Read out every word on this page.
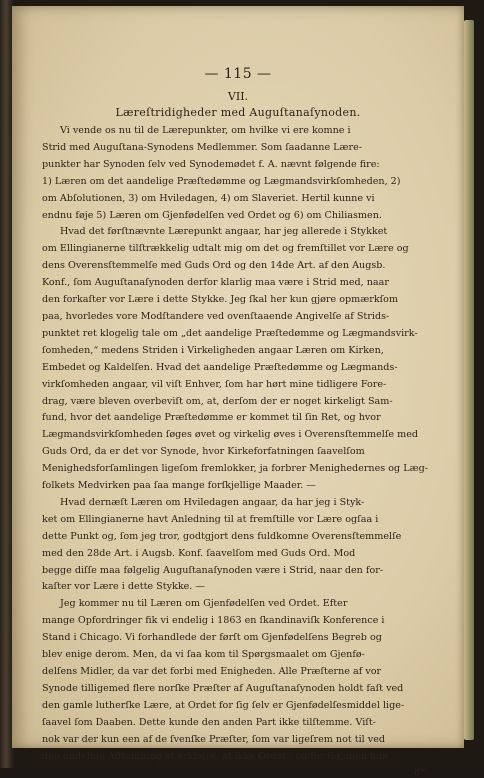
— 115 —
VII.
Læreſtridigheder med Auguſtanaſynoden.
Vi vende os nu til de Lærepunkter, om hvilke vi ere komne i
Strid med Auguſtana-Synodens Medlemmer. Som ſaadanne Lære-
punkter har Synoden ſelv ved Synodemødet f. A. nævnt følgende fire:
1) Læren om det aandelige Præſtedømme og Lægmandsvirkſomheden, 2)
om Abſolutionen, 3) om Hviledagen, 4) om Slaveriet. Hertil kunne vi
endnu føje 5) Læren om Gjenfødelſen ved Ordet og 6) om Chiliasmen.
Hvad det førſtnævnte Lærepunkt angaar, har jeg allerede i Stykket
om Ellingianerne tilſtrækkelig udtalt mig om det og fremſtillet vor Lære og
dens Overensſtemmelſe med Guds Ord og den 14de Art. af den Augsb.
Konf., ſom Auguſtanaſynoden derfor klarlig maa være i Strid med, naar
den forkaſter vor Lære i dette Stykke. Jeg ſkal her kun gjøre opmærkſom
paa, hvorledes vore Modſtandere ved ovenſtaaende Angivelſe af Strids-
punktet ret klogelig tale om „det aandelige Præſtedømme og Lægmandsvirk-
ſomheden,“ medens Striden i Virkeligheden angaar Læren om Kirken,
Embedet og Kaldelſen. Hvad det aandelige Præſtedømme og Lægmands-
virkſomheden angaar, vil viſt Enhver, ſom har hørt mine tidligere Fore-
drag, være bleven overbeviſt om, at, derſom der er noget kirkeligt Sam-
fund, hvor det aandelige Præſtedømme er kommet til ſin Ret, og hvor
Lægmandsvirkſomheden ſøges øvet og virkelig øves i Overensſtemmelſe med
Guds Ord, da er det vor Synode, hvor Kirkeforfatningen ſaavelſom
Menighedsforſamlingen ligeſom fremlokker, ja forbrer Menighedernes og Læg-
folkets Medvirken paa ſaa mange forſkjellige Maader. —
Hvad dernæſt Læren om Hviledagen angaar, da har jeg i Styk-
ket om Ellingianerne havt Anledning til at fremſtille vor Lære ogſaa i
dette Punkt og, ſom jeg tror, godtgjort dens fuldkomne Overensſtemmelſe
med den 28de Art. i Augsb. Konf. ſaavelſom med Guds Ord. Mod
begge diſſe maa følgelig Auguſtanaſynoden være i Strid, naar den for-
kaſter vor Lære i dette Stykke. —
Jeg kommer nu til Læren om Gjenfødelſen ved Ordet. Efter
mange Opfordringer fik vi endelig i 1863 en ſkandinaviſk Konference i
Stand i Chicago. Vi forhandlede der førſt om Gjenfødelſens Begreb og
blev enige derom. Men, da vi ſaa kom til Spørgsmaalet om Gjenfø-
delſens Midler, da var det forbi med Enigheden. Alle Præſterne af vor
Synode tilligemed flere norſke Præſter af Auguſtanaſynoden holdt faſt ved
den gamle lutherſke Lære, at Ordet for ſig ſelv er Gjenfødelſesmiddel lige-
ſaavel ſom Daaben. Dette kunde den anden Part ikke tilſtemme. Viſt-
nok var der kun een af de ſvenſke Præſter, ſom var ligeſrem not til ved
den endelige Afſtemning at erklære, at ikke Ordet i og for ſig, men kun
8*
